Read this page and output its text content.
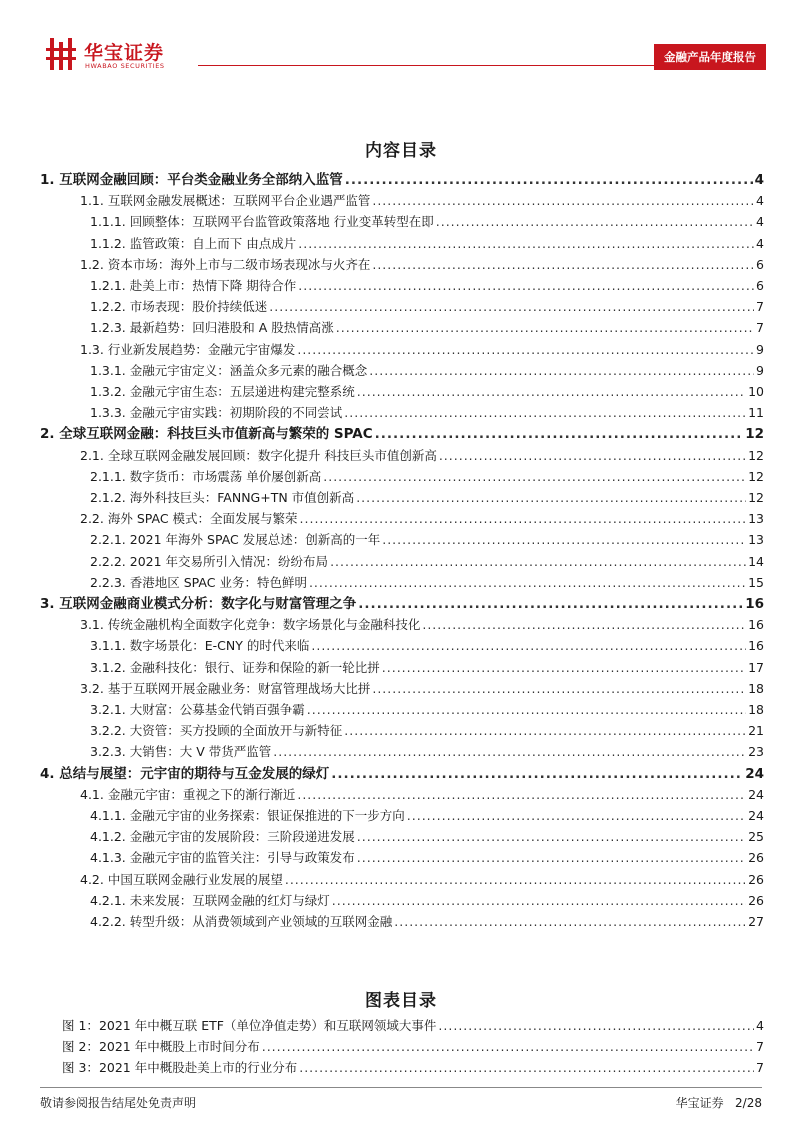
华宝证券
HWABAO SECURITIES
金融产品年度报告
内容目录
1. 互联网金融回顾：平台类金融业务全部纳入监管 .....	4
1.1. 互联网金融发展概述：互联网平台企业遇严监管 .....	4
1.1.1. 回顾整体：互联网平台监管政策落地 行业变革转型在即 .....	4
1.1.2. 监管政策：自上而下 由点成片 .....	4
1.2. 资本市场：海外上市与二级市场表现冰与火齐在 .....	6
1.2.1. 赴美上市：热情下降 期待合作 .....	6
1.2.2. 市场表现：股价持续低迷 .....	7
1.2.3. 最新趋势：回归港股和 A 股热情高涨 .....	7
1.3. 行业新发展趋势：金融元宇宙爆发 .....	9
1.3.1. 金融元宇宙定义：涵盖众多元素的融合概念 .....	9
1.3.2. 金融元宇宙生态：五层递进构建完整系统 .....	10
1.3.3. 金融元宇宙实践：初期阶段的不同尝试 .....	11
2. 全球互联网金融：科技巨头市值新高与繁荣的 SPAC .....	12
2.1. 全球互联网金融发展回顾：数字化提升 科技巨头市值创新高 .....	12
2.1.1. 数字货币：市场震荡 单价屡创新高 .....	12
2.1.2. 海外科技巨头：FANNG+TN 市值创新高 .....	12
2.2. 海外 SPAC 模式：全面发展与繁荣 .....	13
2.2.1. 2021 年海外 SPAC 发展总述：创新高的一年 .....	13
2.2.2. 2021 年交易所引入情况：纷纷布局 .....	14
2.2.3. 香港地区 SPAC 业务：特色鲜明 .....	15
3. 互联网金融商业模式分析：数字化与财富管理之争 .....	16
3.1. 传统金融机构全面数字化竞争：数字场景化与金融科技化 .....	16
3.1.1. 数字场景化：E-CNY 的时代来临 .....	16
3.1.2. 金融科技化：银行、证券和保险的新一轮比拼 .....	17
3.2. 基于互联网开展金融业务：财富管理战场大比拼 .....	18
3.2.1. 大财富：公募基金代销百强争霸 .....	18
3.2.2. 大资管：买方投顾的全面放开与新特征 .....	21
3.2.3. 大销售：大 V 带货严监管 .....	23
4. 总结与展望：元宇宙的期待与互金发展的绿灯 .....	24
4.1. 金融元宇宙：重视之下的渐行渐近 .....	24
4.1.1. 金融元宇宙的业务探索：银证保推进的下一步方向 .....	24
4.1.2. 金融元宇宙的发展阶段：三阶段递进发展 .....	25
4.1.3. 金融元宇宙的监管关注：引导与政策发布 .....	26
4.2. 中国互联网金融行业发展的展望 .....	26
4.2.1. 未来发展：互联网金融的红灯与绿灯 .....	26
4.2.2. 转型升级：从消费领域到产业领域的互联网金融 .....	27
图表目录
图 1：2021 年中概互联 ETF（单位净值走势）和互联网领域大事件 .....	4
图 2：2021 年中概股上市时间分布 .....	7
图 3：2021 年中概股赴美上市的行业分布 .....	7
敬请参阅报告结尾处免责声明	华宝证券 2/28
